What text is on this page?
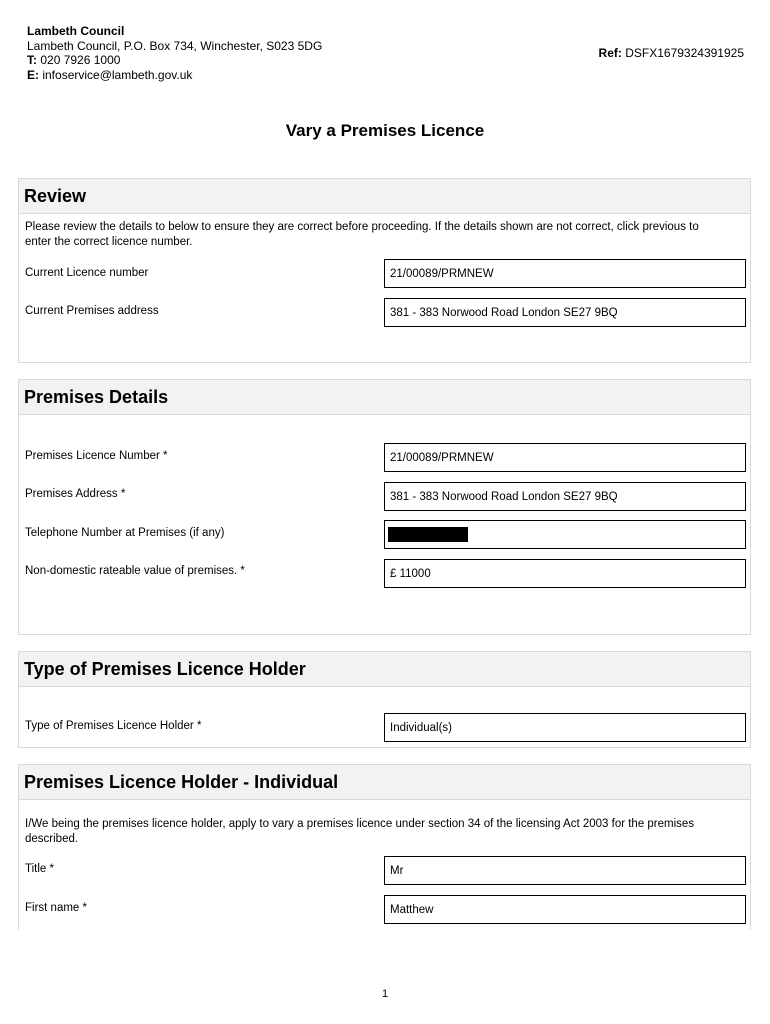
Lambeth Council
Lambeth Council, P.O. Box 734, Winchester, S023 5DG
T: 020 7926 1000
E: infoservice@lambeth.gov.uk
Ref: DSFX1679324391925
Vary a Premises Licence
Review
Please review the details to below to ensure they are correct before proceeding. If the details shown are not correct, click previous to enter the correct licence number.
Current Licence number	21/00089/PRMNEW
Current Premises address	381 - 383 Norwood Road London SE27 9BQ
Premises Details
Premises Licence Number *	21/00089/PRMNEW
Premises Address *	381 - 383 Norwood Road London SE27 9BQ
Telephone Number at Premises (if any)
Non-domestic rateable value of premises. *	£ 11000
Type of Premises Licence Holder
Type of Premises Licence Holder *	Individual(s)
Premises Licence Holder - Individual
I/We being the premises licence holder, apply to vary a premises licence under section 34 of the licensing Act 2003 for the premises described.
Title *	Mr
First name *	Matthew
1
